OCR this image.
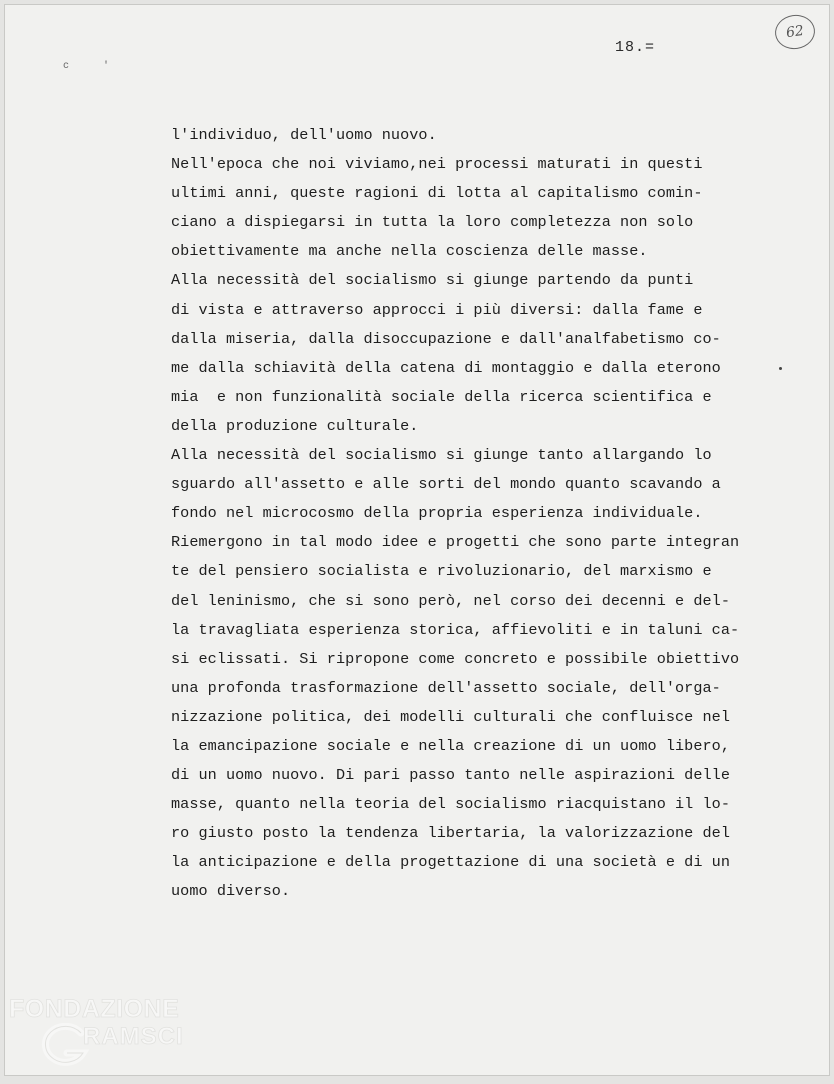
c '
18.=
62
l'individuo, dell'uomo nuovo.
Nell'epoca che noi viviamo,nei processi maturati in questi
ultimi anni, queste ragioni di lotta al capitalismo comin-
ciano a dispiegarsi in tutta la loro completezza non solo
obiettivamente ma anche nella coscienza delle masse.
Alla necessità del socialismo si giunge partendo da punti
di vista e attraverso approcci i più diversi: dalla fame e
dalla miseria, dalla disoccupazione e dall'analfabetismo co-
me dalla schiavità della catena di montaggio e dalla eterono
mia  e non funzionalità sociale della ricerca scientifica e
della produzione culturale.
Alla necessità del socialismo si giunge tanto allargando lo
sguardo all'assetto e alle sorti del mondo quanto scavando a
fondo nel microcosmo della propria esperienza individuale.
Riemergono in tal modo idee e progetti che sono parte integran
te del pensiero socialista e rivoluzionario, del marxismo e
del leninismo, che si sono però, nel corso dei decenni e del-
la travagliata esperienza storica, affievoliti e in taluni ca-
si eclissati. Si ripropone come concreto e possibile obiettivo
una profonda trasformazione dell'assetto sociale, dell'orga-
nizzazione politica, dei modelli culturali che confluisce nel
la emancipazione sociale e nella creazione di un uomo libero,
di un uomo nuovo. Di pari passo tanto nelle aspirazioni delle
masse, quanto nella teoria del socialismo riacquistano il lo-
ro giusto posto la tendenza libertaria, la valorizzazione del
la anticipazione e della progettazione di una società e di un
uomo diverso.
FONDAZIONE
RAMSCI
